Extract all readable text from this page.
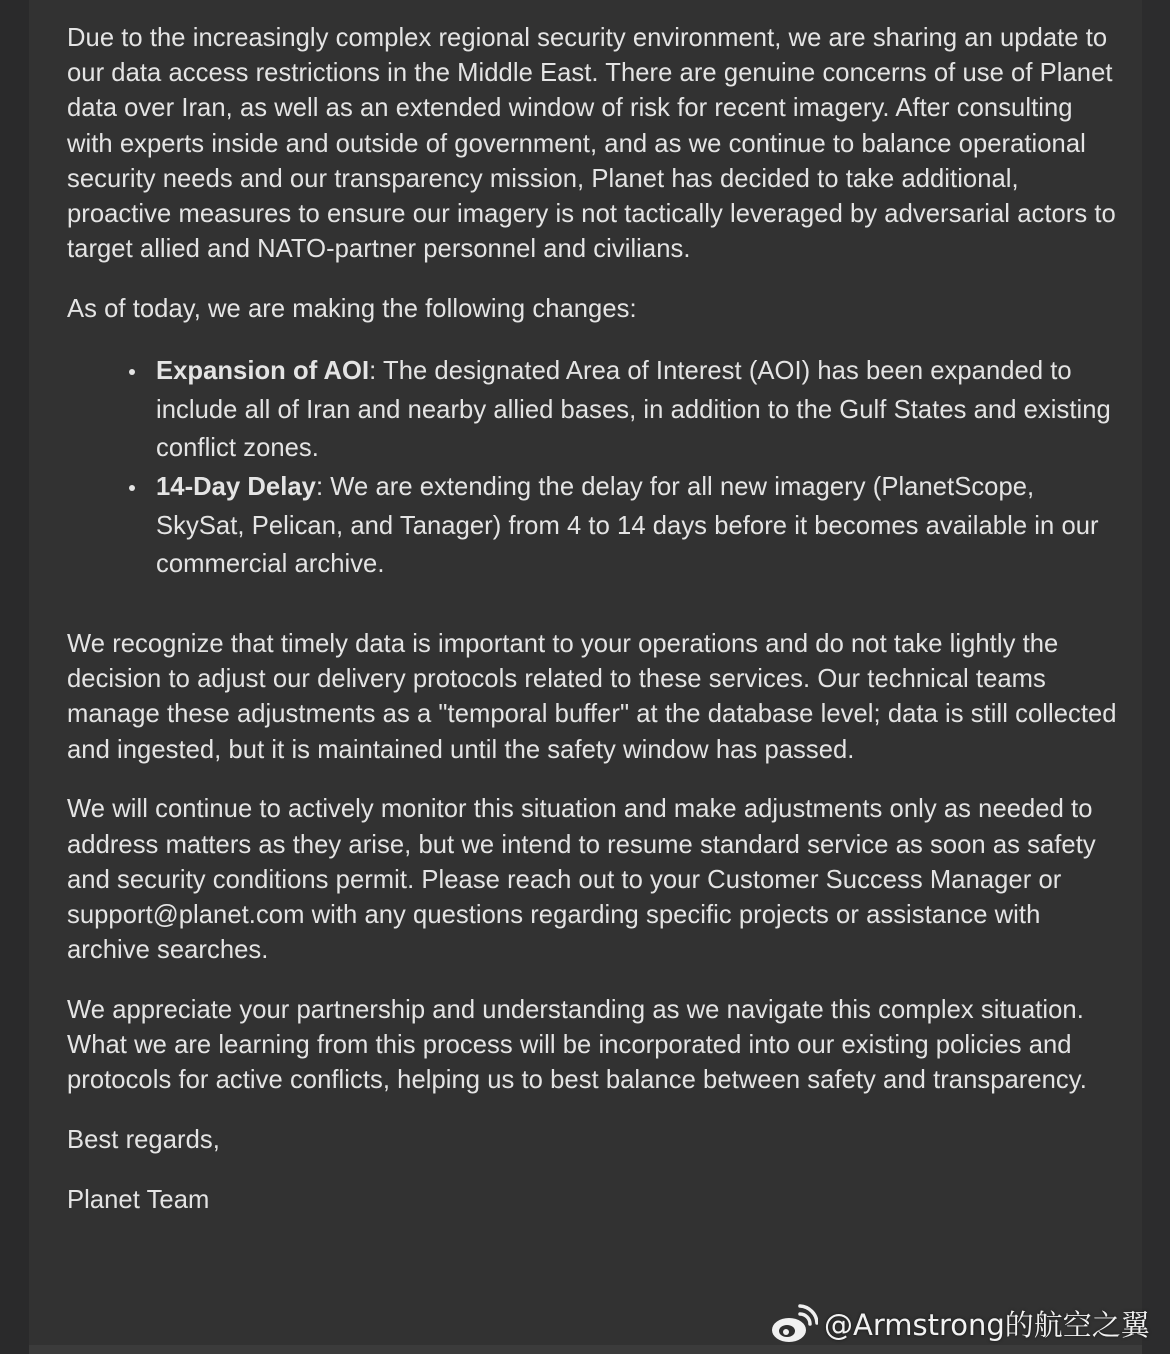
Due to the increasingly complex regional security environment, we are sharing an update to our data access restrictions in the Middle East. There are genuine concerns of use of Planet data over Iran, as well as an extended window of risk for recent imagery. After consulting with experts inside and outside of government, and as we continue to balance operational security needs and our transparency mission, Planet has decided to take additional, proactive measures to ensure our imagery is not tactically leveraged by adversarial actors to target allied and NATO-partner personnel and civilians.

As of today, we are making the following changes:

Expansion of AOI: The designated Area of Interest (AOI) has been expanded to include all of Iran and nearby allied bases, in addition to the Gulf States and existing conflict zones.
14-Day Delay: We are extending the delay for all new imagery (PlanetScope, SkySat, Pelican, and Tanager) from 4 to 14 days before it becomes available in our commercial archive.

We recognize that timely data is important to your operations and do not take lightly the decision to adjust our delivery protocols related to these services. Our technical teams manage these adjustments as a "temporal buffer" at the database level; data is still collected and ingested, but it is maintained until the safety window has passed.

We will continue to actively monitor this situation and make adjustments only as needed to address matters as they arise, but we intend to resume standard service as soon as safety and security conditions permit. Please reach out to your Customer Success Manager or support@planet.com with any questions regarding specific projects or assistance with archive searches.

We appreciate your partnership and understanding as we navigate this complex situation. What we are learning from this process will be incorporated into our existing policies and protocols for active conflicts, helping us to best balance between safety and transparency.

Best regards,

Planet Team

@Armstrong的航空之翼
